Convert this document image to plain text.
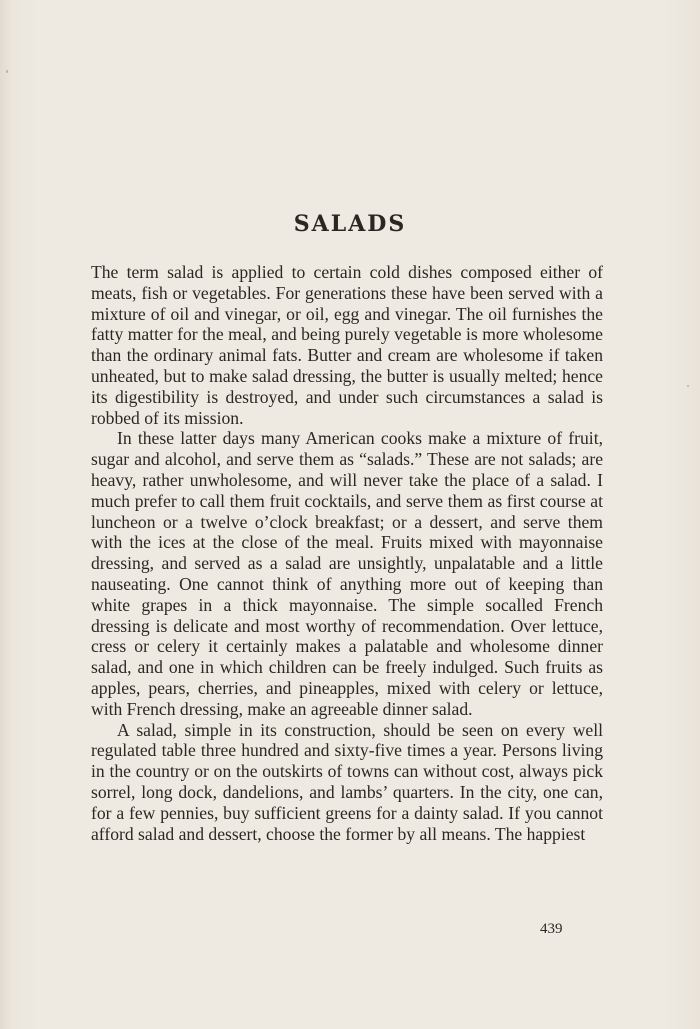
SALADS

The term salad is applied to certain cold dishes composed either of meats, fish or vegetables. For generations these have been served with a mixture of oil and vinegar, or oil, egg and vinegar. The oil furnishes the fatty matter for the meal, and being purely vegetable is more wholesome than the ordinary animal fats. Butter and cream are wholesome if taken unheated, but to make salad dressing, the butter is usually melted; hence its digestibility is destroyed, and under such circumstances a salad is robbed of its mission.

In these latter days many American cooks make a mixture of fruit, sugar and alcohol, and serve them as “salads.” These are not salads; are heavy, rather unwholesome, and will never take the place of a salad. I much prefer to call them fruit cocktails, and serve them as first course at luncheon or a twelve o’clock breakfast; or a dessert, and serve them with the ices at the close of the meal. Fruits mixed with mayonnaise dressing, and served as a salad are unsightly, unpalatable and a little nauseating. One cannot think of anything more out of keeping than white grapes in a thick mayonnaise. The simple socalled French dressing is delicate and most worthy of recommendation. Over lettuce, cress or celery it certainly makes a palatable and wholesome dinner salad, and one in which children can be freely indulged. Such fruits as apples, pears, cherries, and pineapples, mixed with celery or lettuce, with French dressing, make an agreeable dinner salad.

A salad, simple in its construction, should be seen on every well regulated table three hundred and sixty-five times a year. Persons living in the country or on the outskirts of towns can without cost, always pick sorrel, long dock, dandelions, and lambs’ quarters. In the city, one can, for a few pennies, buy sufficient greens for a dainty salad. If you cannot afford salad and dessert, choose the former by all means. The happiest

439
